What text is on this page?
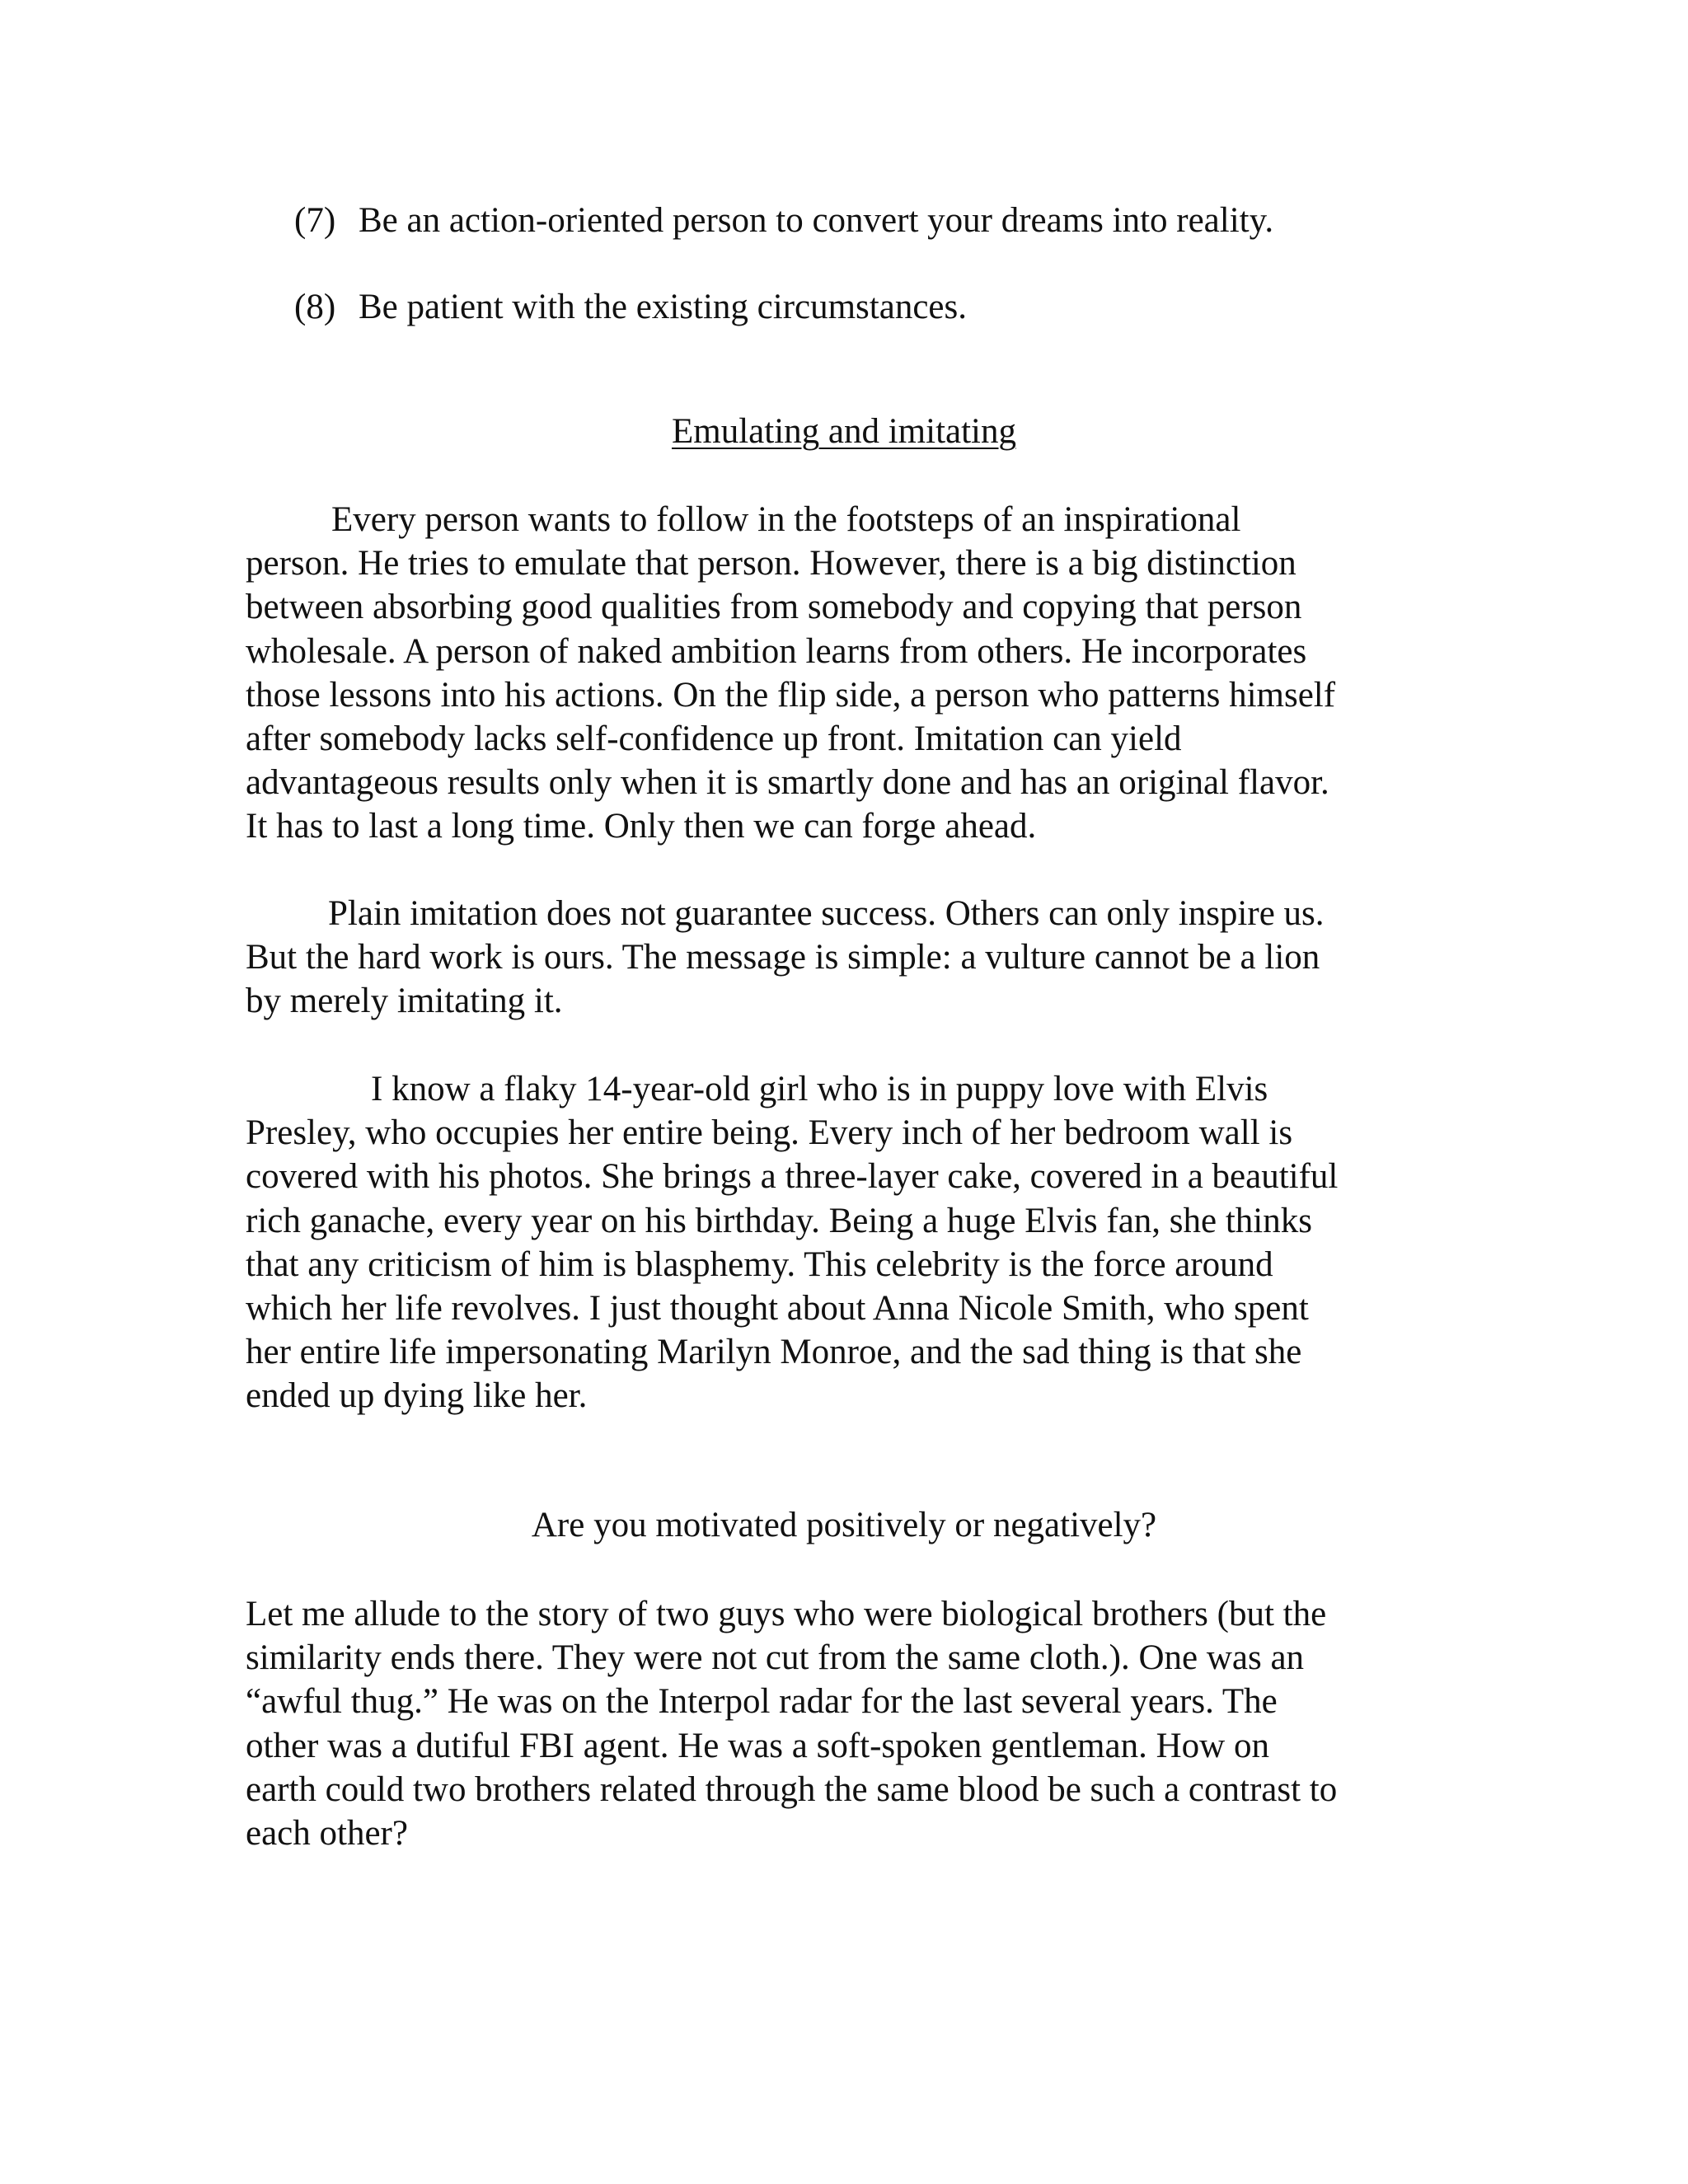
(7) Be an action-oriented person to convert your dreams into reality.
(8) Be patient with the existing circumstances.
Emulating and imitating
Every person wants to follow in the footsteps of an inspirational
person. He tries to emulate that person. However, there is a big distinction
between absorbing good qualities from somebody and copying that person
wholesale. A person of naked ambition learns from others. He incorporates
those lessons into his actions. On the flip side, a person who patterns himself
after somebody lacks self-confidence up front. Imitation can yield
advantageous results only when it is smartly done and has an original flavor.
It has to last a long time. Only then we can forge ahead.
Plain imitation does not guarantee success. Others can only inspire us.
But the hard work is ours. The message is simple: a vulture cannot be a lion
by merely imitating it.
I know a flaky 14-year-old girl who is in puppy love with Elvis
Presley, who occupies her entire being. Every inch of her bedroom wall is
covered with his photos. She brings a three-layer cake, covered in a beautiful
rich ganache, every year on his birthday. Being a huge Elvis fan, she thinks
that any criticism of him is blasphemy. This celebrity is the force around
which her life revolves. I just thought about Anna Nicole Smith, who spent
her entire life impersonating Marilyn Monroe, and the sad thing is that she
ended up dying like her.
Are you motivated positively or negatively?
Let me allude to the story of two guys who were biological brothers (but the
similarity ends there. They were not cut from the same cloth.). One was an
“awful thug.” He was on the Interpol radar for the last several years. The
other was a dutiful FBI agent. He was a soft-spoken gentleman. How on
earth could two brothers related through the same blood be such a contrast to
each other?
